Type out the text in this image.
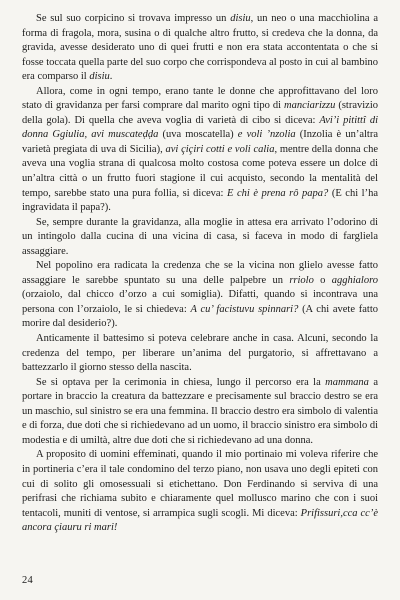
Se sul suo corpicino si trovava impresso un disiu, un neo o una macchiolina a forma di fragola, mora, susina o di qualche altro frutto, si credeva che la donna, da gravida, avesse desiderato uno di quei frutti e non era stata accontentata o che si fosse toccata quella parte del suo corpo che corrispondeva al posto in cui al bambino era comparso il disiu.

Allora, come in ogni tempo, erano tante le donne che approfittavano del loro stato di gravidanza per farsi comprare dal marito ogni tipo di manciarizzu (stravizio della gola). Di quella che aveva voglia di varietà di cibo si diceva: Avi’i pitittî di donna Ggiulia, avi muscateḍḍa (uva moscatella) e voli ’nzolia (Inzolia è un’altra varietà pregiata di uva di Sicilia), avi çiçiri cotti e voli calia, mentre della donna che aveva una voglia strana di qualcosa molto costosa come poteva essere un dolce di un’altra città o un frutto fuori stagione il cui acquisto, secondo la mentalità del tempo, sarebbe stato una pura follia, si diceva: E chi è prena rô papa? (E chi l’ha ingravidata il papa?).

Se, sempre durante la gravidanza, alla moglie in attesa era arrivato l’odorino di un intingolo dalla cucina di una vicina di casa, si faceva in modo di fargliela assaggiare.

Nel popolino era radicata la credenza che se la vicina non glielo avesse fatto assaggiare le sarebbe spuntato su una delle palpebre un rriolo o agghialoro (orzaiolo, dal chicco d’orzo a cui somiglia). Difatti, quando si incontrava una persona con l’orzaiolo, le si chiedeva: A cu’ facistuvu spinnari? (A chi avete fatto morire dal desiderio?).

Anticamente il battesimo si poteva celebrare anche in casa. Alcuni, secondo la credenza del tempo, per liberare un’anima del purgatorio, si affrettavano a battezzarlo il giorno stesso della nascita.

Se si optava per la cerimonia in chiesa, lungo il percorso era la mammana a portare in braccio la creatura da battezzare e precisamente sul braccio destro se era un maschio, sul sinistro se era una femmina. Il braccio destro era simbolo di valentia e di forza, due doti che si richiedevano ad un uomo, il braccio sinistro era simbolo di modestia e di umiltà, altre due doti che si richiedevano ad una donna.

A proposito di uomini effeminati, quando il mio portinaio mi voleva riferire che in portineria c’era il tale condomino del terzo piano, non usava uno degli epiteti con cui di solito gli omosessuali si etichettano. Don Ferdinando si serviva di una perifrasi che richiama subito e chiaramente quel mollusco marino che con i suoi tentacoli, muniti di ventose, si arrampica sugli scogli. Mi diceva: Prifissuri,cca cc’è ancora çiauru ri mari!

24
